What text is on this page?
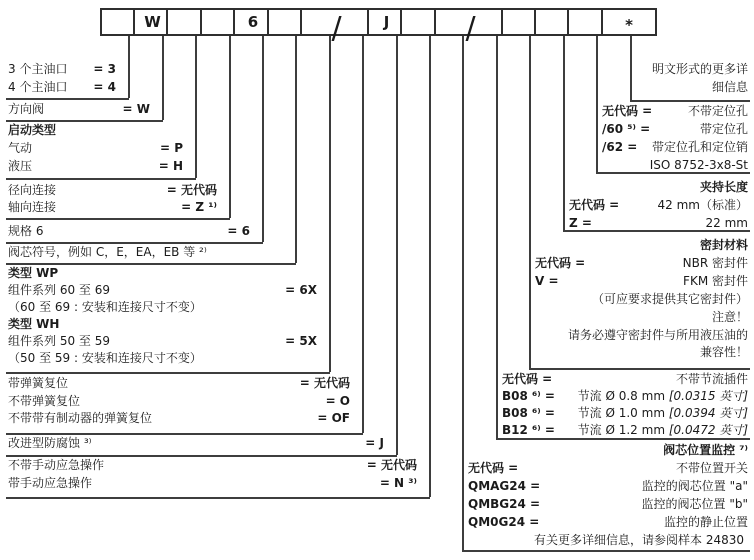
W	6 /	J	/	*
3 个主油口 = 3
4 个主油口 = 4
方向阀	= W
启动类型
气动	= P
液压	= H
径向连接	= 无代码
轴向连接	= Z ¹⁾
规格 6	= 6
阀芯符号，例如 C，E，EA，EB 等 ²⁾
类型 WP
组件系列 60 至 69	= 6X
（60 至 69 : 安装和连接尺寸不变）
类型 WH
组件系列 50 至 59	= 5X
（50 至 59 : 安装和连接尺寸不变）
带弹簧复位	= 无代码
不带弹簧复位	= O
不带带有制动器的弹簧复位	= OF
改进型防腐蚀 ³⁾	= J
不带手动应急操作	= 无代码
带手动应急操作	= N ³⁾
明文形式的更多详
细信息
无代码 =	不带定位孔
/60 ⁵⁾ =	带定位孔
/62 = 带定位孔和定位销
ISO 8752-3x8-St
夹持长度
无代码 =	42 mm（标准）
Z =	22 mm
密封材料
无代码 =	NBR 密封件
V =	FKM 密封件
（可应要求提供其它密封件）
注意！
请务必遵守密封件与所用液压油的
兼容性！
无代码 =	不带节流插件
B08 ⁶⁾ = 节流 Ø 0.8 mm [0.0315 英寸]
B08 ⁶⁾ = 节流 Ø 1.0 mm [0.0394 英寸]
B12 ⁶⁾ = 节流 Ø 1.2 mm [0.0472 英寸]
阀芯位置监控 ⁷⁾
无代码 =	不带位置开关
QMAG24 =	监控的阀芯位置 "a"
QMBG24 =	监控的阀芯位置 "b"
QM0G24 =	监控的静止位置
有关更多详细信息，请参阅样本 24830
